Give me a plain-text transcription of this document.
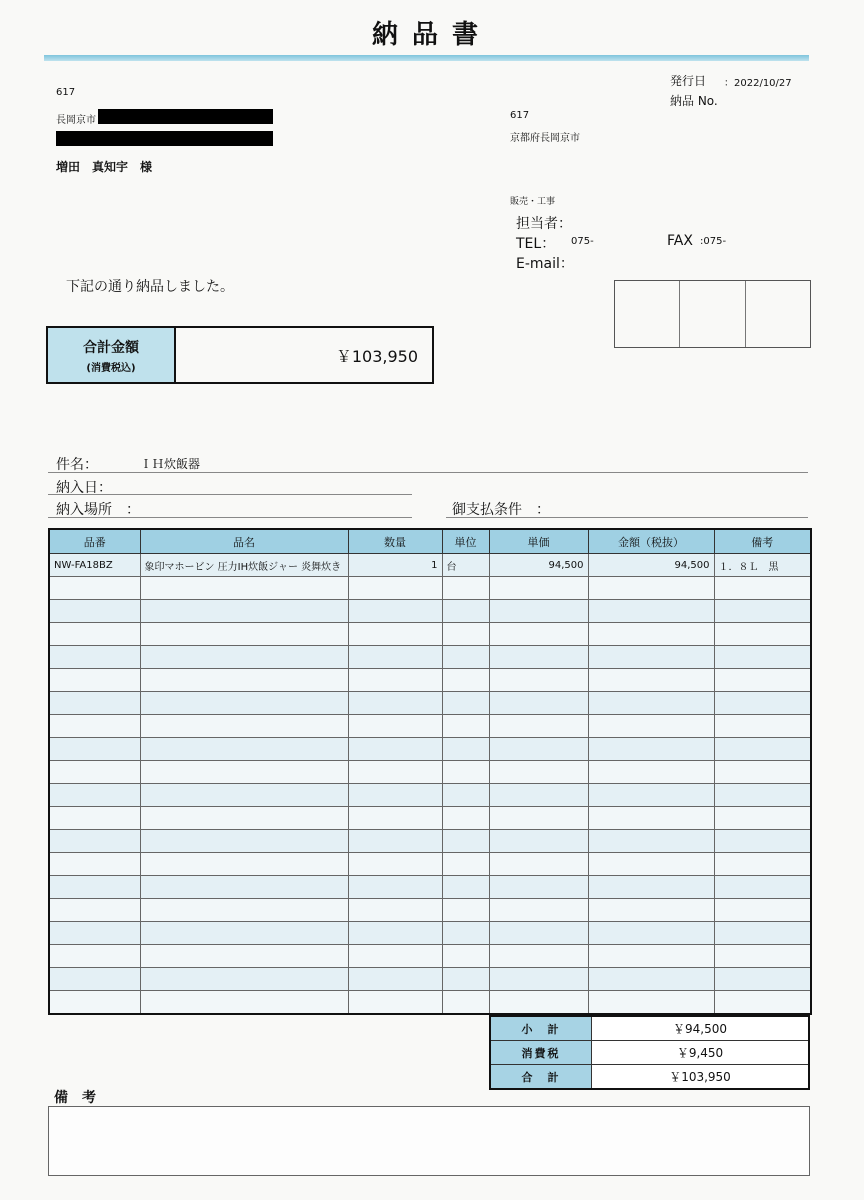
納品書
発行日 ：2022/10/27
納品 No.
617
長岡京市
増田　真知宇　様
617
京都府長岡京市
販売・工事
担当者：
TEL： 075-	FAX :075-
E-mail：
下記の通り納品しました。
合計金額
(消費税込)
￥103,950
件名：	ＩＨ炊飯器
納入日：
納入場所　：	御支払条件　：
品番	品名	数量	単位	単価	金額（税抜）	備考
NW-FA18BZ	象印マホービン 圧力IH炊飯ジャー 炎舞炊き	1	台	94,500	94,500	１．８Ｌ　黒

小　計	￥94,500
消費税	￥9,450
合　計	￥103,950
備　考
